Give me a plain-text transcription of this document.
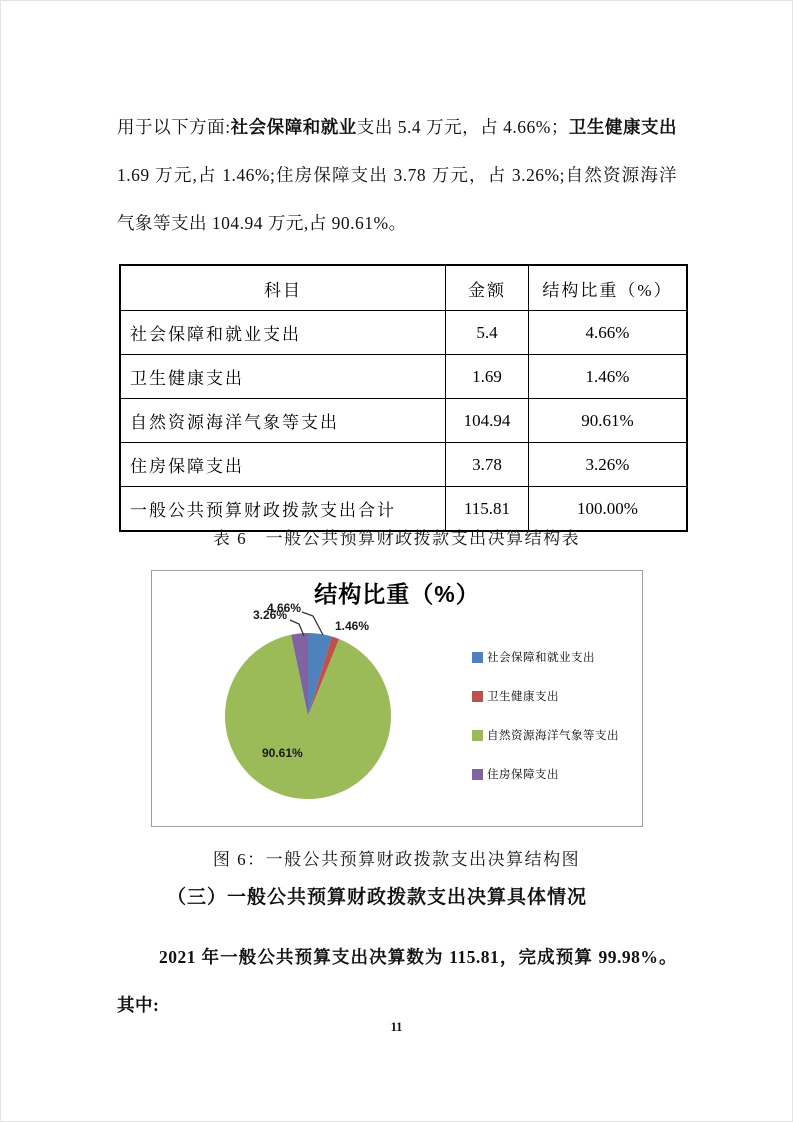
用于以下方面:社会保障和就业支出 5.4 万元，占 4.66%；卫生健康支出 1.69 万元,占 1.46%;住房保障支出 3.78 万元，占 3.26%;自然资源海洋气象等支出 104.94 万元,占 90.61%。

科目	金额	结构比重（%）
社会保障和就业支出	5.4	4.66%
卫生健康支出	1.69	1.46%
自然资源海洋气象等支出	104.94	90.61%
住房保障支出	3.78	3.26%
一般公共预算财政拨款支出合计	115.81	100.00%
表 6　一般公共预算财政拨款支出决算结构表
结构比重（%）
4.66%
3.26%
1.46%
90.61%
社会保障和就业支出
卫生健康支出
自然资源海洋气象等支出
住房保障支出
图 6：一般公共预算财政拨款支出决算结构图
（三）一般公共预算财政拨款支出决算具体情况

2021 年一般公共预算支出决算数为 115.81，完成预算 99.98%。其中:

11
